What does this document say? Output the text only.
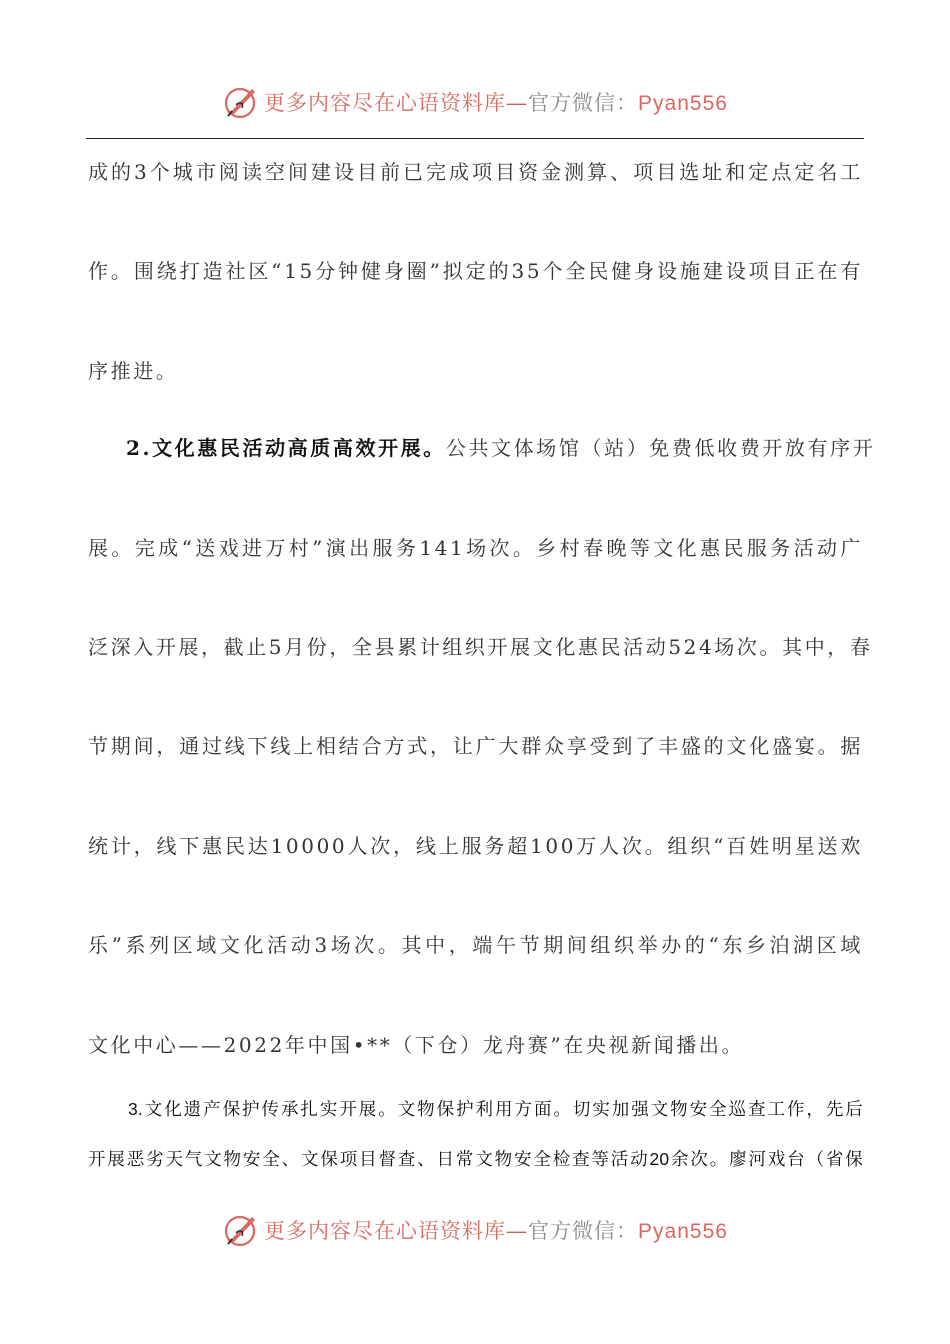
更多内容尽在心语资料库—官方微信：Pyan556
成的3个城市阅读空间建设目前已完成项目资金测算、项目选址和定点定名工
作。围绕打造社区“15分钟健身圈”拟定的35个全民健身设施建设项目正在有
序推进。
2.文化惠民活动高质高效开展。公共文体场馆（站）免费低收费开放有序开
展。完成“送戏进万村”演出服务141场次。乡村春晚等文化惠民服务活动广
泛深入开展，截止5月份，全县累计组织开展文化惠民活动524场次。其中，春
节期间，通过线下线上相结合方式，让广大群众享受到了丰盛的文化盛宴。据
统计，线下惠民达10000人次，线上服务超100万人次。组织“百姓明星送欢
乐”系列区域文化活动3场次。其中，端午节期间组织举办的“东乡泊湖区域
文化中心——2022年中国•**（下仓）龙舟赛”在央视新闻播出。
3.文化遗产保护传承扎实开展。文物保护利用方面。切实加强文物安全巡查工作，先后
开展恶劣天气文物安全、文保项目督查、日常文物安全检查等活动20余次。廖河戏台（省保
更多内容尽在心语资料库—官方微信：Pyan556
